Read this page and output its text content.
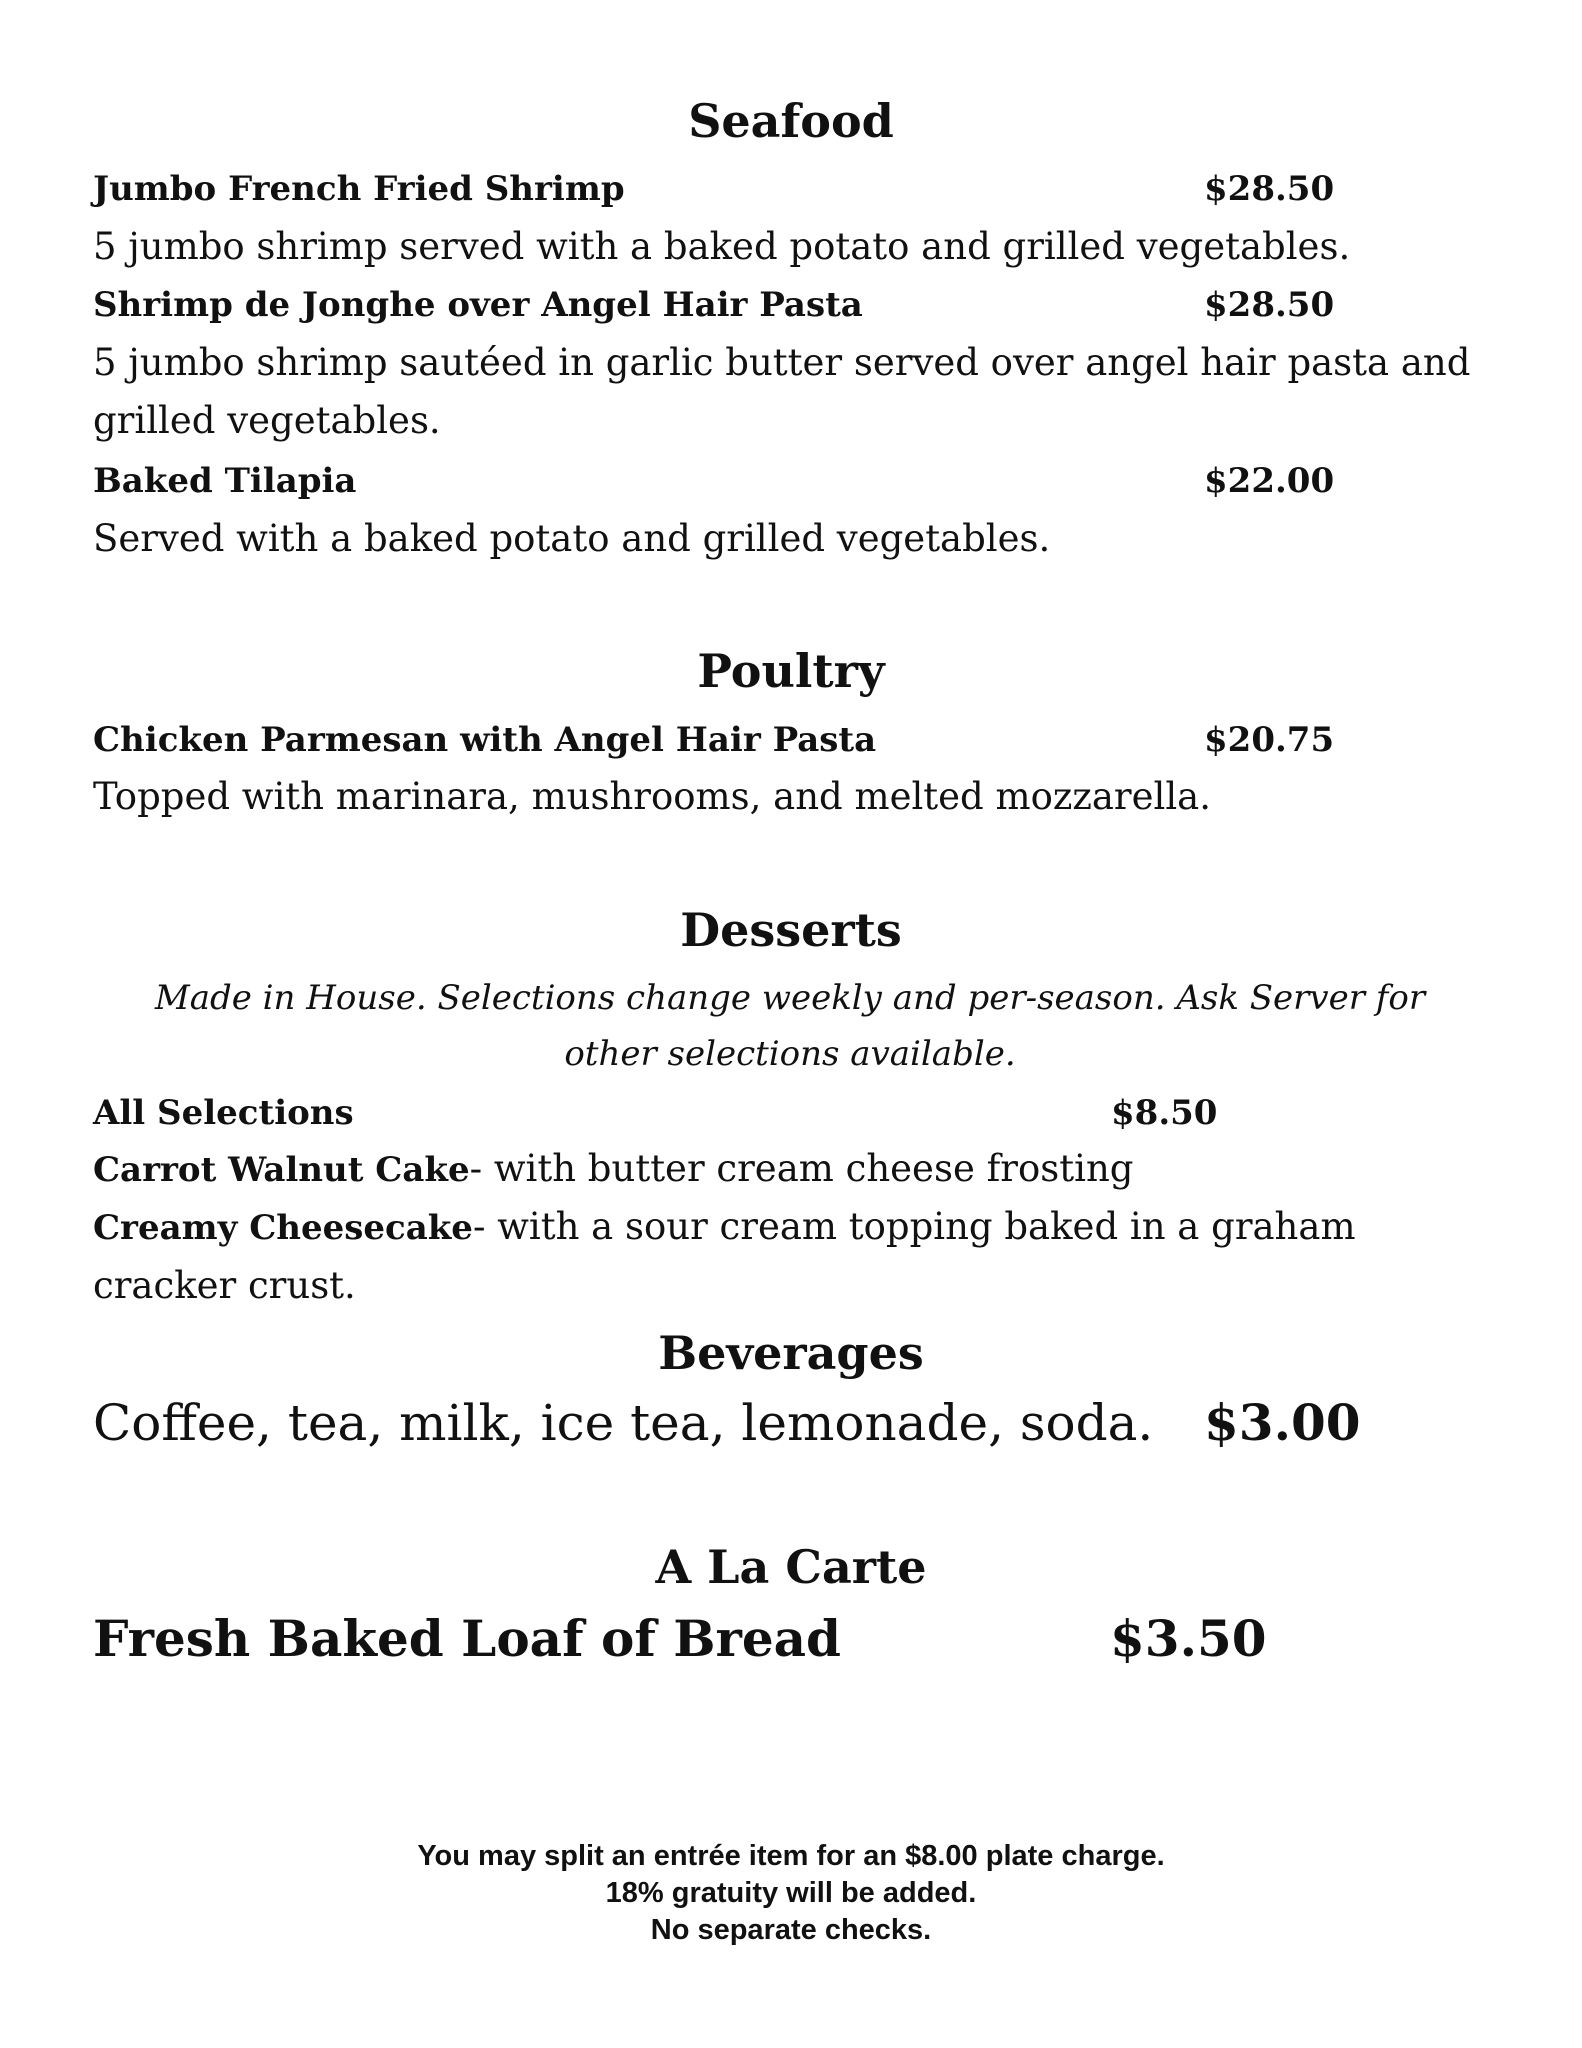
Seafood
Jumbo French Fried Shrimp	$28.50
5 jumbo shrimp served with a baked potato and grilled vegetables.
Shrimp de Jonghe over Angel Hair Pasta	$28.50
5 jumbo shrimp sautéed in garlic butter served over angel hair pasta and grilled vegetables.
Baked Tilapia	$22.00
Served with a baked potato and grilled vegetables.
Poultry
Chicken Parmesan with Angel Hair Pasta	$20.75
Topped with marinara, mushrooms, and melted mozzarella.
Desserts
Made in House. Selections change weekly and per-season. Ask Server for other selections available.
All Selections	$8.50
Carrot Walnut Cake- with butter cream cheese frosting
Creamy Cheesecake- with a sour cream topping baked in a graham cracker crust.
Beverages
Coffee, tea, milk, ice tea, lemonade, soda. $3.00
A La Carte
Fresh Baked Loaf of Bread	$3.50
You may split an entrée item for an $8.00 plate charge.
18% gratuity will be added.
No separate checks.
